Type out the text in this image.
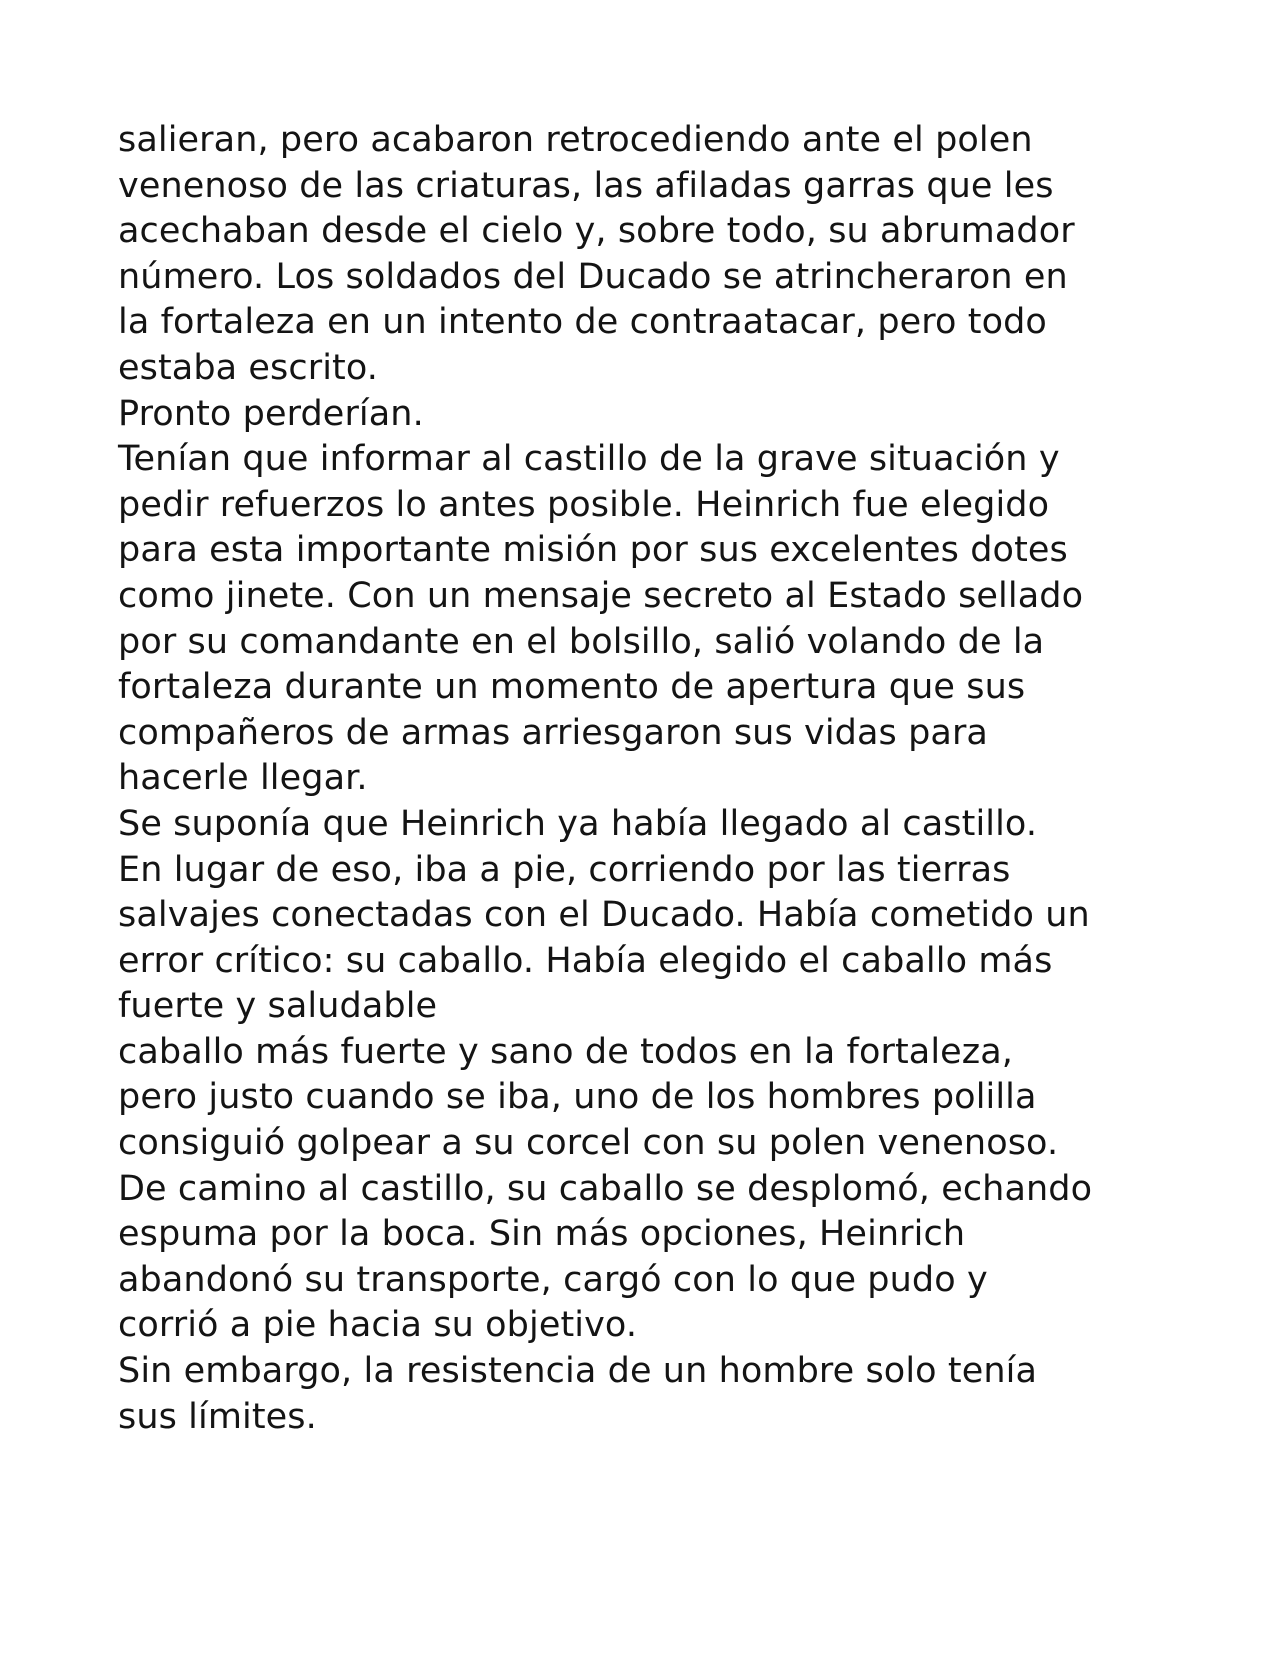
salieran, pero acabaron retrocediendo ante el polen
venenoso de las criaturas, las afiladas garras que les
acechaban desde el cielo y, sobre todo, su abrumador
número. Los soldados del Ducado se atrincheraron en
la fortaleza en un intento de contraatacar, pero todo
estaba escrito.
Pronto perderían.
Tenían que informar al castillo de la grave situación y
pedir refuerzos lo antes posible. Heinrich fue elegido
para esta importante misión por sus excelentes dotes
como jinete. Con un mensaje secreto al Estado sellado
por su comandante en el bolsillo, salió volando de la
fortaleza durante un momento de apertura que sus
compañeros de armas arriesgaron sus vidas para
hacerle llegar.
Se suponía que Heinrich ya había llegado al castillo.
En lugar de eso, iba a pie, corriendo por las tierras
salvajes conectadas con el Ducado. Había cometido un
error crítico: su caballo. Había elegido el caballo más
fuerte y saludable
caballo más fuerte y sano de todos en la fortaleza,
pero justo cuando se iba, uno de los hombres polilla
consiguió golpear a su corcel con su polen venenoso.
De camino al castillo, su caballo se desplomó, echando
espuma por la boca. Sin más opciones, Heinrich
abandonó su transporte, cargó con lo que pudo y
corrió a pie hacia su objetivo.
Sin embargo, la resistencia de un hombre solo tenía
sus límites.
